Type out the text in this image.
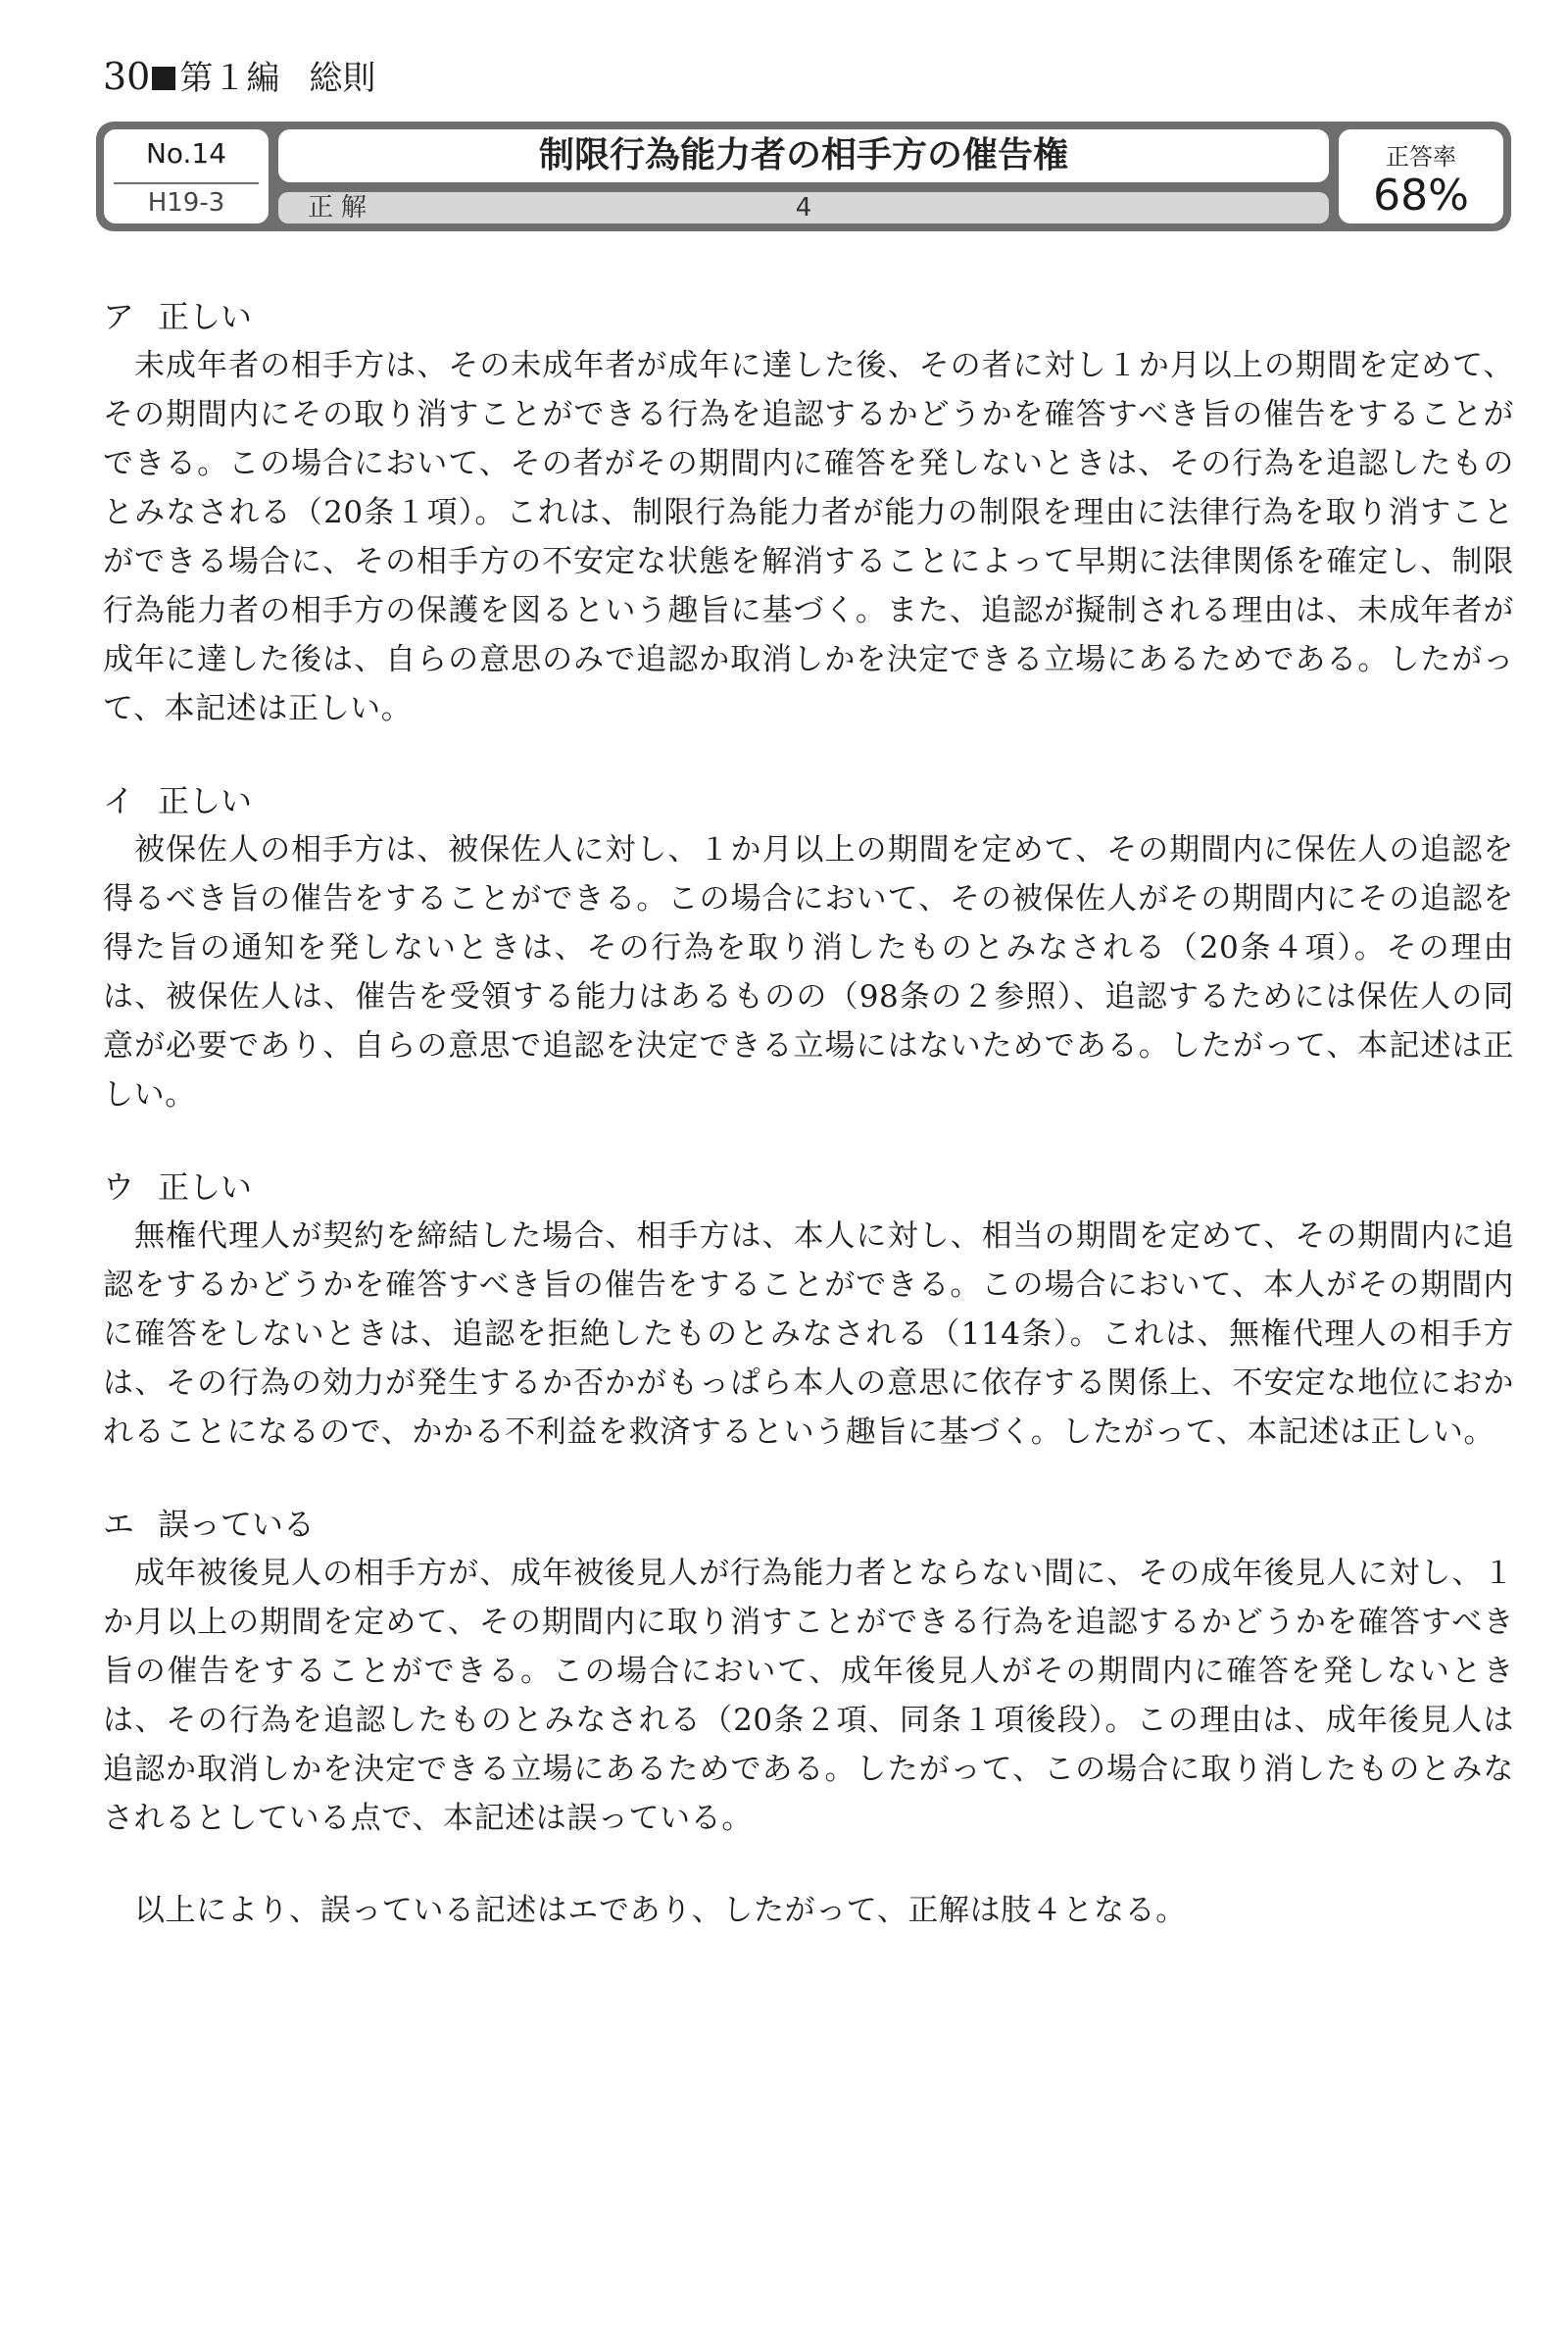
30 第１編 総則
No.14
H19-3
制限行為能力者の相手方の催告権
正解	4
正答率
68%
ア 正しい

未成年者の相手方は、その未成年者が成年に達した後、その者に対し１か月以上の期間を定めて、その期間内にその取り消すことができる行為を追認するかどうかを確答すべき旨の催告をすることができる。この場合において、その者がその期間内に確答を発しないときは、その行為を追認したものとみなされる（20条１項）。これは、制限行為能力者が能力の制限を理由に法律行為を取り消すことができる場合に、その相手方の不安定な状態を解消することによって早期に法律関係を確定し、制限行為能力者の相手方の保護を図るという趣旨に基づく。また、追認が擬制される理由は、未成年者が成年に達した後は、自らの意思のみで追認か取消しかを決定できる立場にあるためである。したがって、本記述は正しい。

イ 正しい

被保佐人の相手方は、被保佐人に対し、１か月以上の期間を定めて、その期間内に保佐人の追認を得るべき旨の催告をすることができる。この場合において、その被保佐人がその期間内にその追認を得た旨の通知を発しないときは、その行為を取り消したものとみなされる（20条４項）。その理由は、被保佐人は、催告を受領する能力はあるものの（98条の２参照）、追認するためには保佐人の同意が必要であり、自らの意思で追認を決定できる立場にはないためである。したがって、本記述は正しい。

ウ 正しい

無権代理人が契約を締結した場合、相手方は、本人に対し、相当の期間を定めて、その期間内に追認をするかどうかを確答すべき旨の催告をすることができる。この場合において、本人がその期間内に確答をしないときは、追認を拒絶したものとみなされる（114条）。これは、無権代理人の相手方は、その行為の効力が発生するか否かがもっぱら本人の意思に依存する関係上、不安定な地位におかれることになるので、かかる不利益を救済するという趣旨に基づく。したがって、本記述は正しい。

エ 誤っている

成年被後見人の相手方が、成年被後見人が行為能力者とならない間に、その成年後見人に対し、１か月以上の期間を定めて、その期間内に取り消すことができる行為を追認するかどうかを確答すべき旨の催告をすることができる。この場合において、成年後見人がその期間内に確答を発しないときは、その行為を追認したものとみなされる（20条２項、同条１項後段）。この理由は、成年後見人は追認か取消しかを決定できる立場にあるためである。したがって、この場合に取り消したものとみなされるとしている点で、本記述は誤っている。

以上により、誤っている記述はエであり、したがって、正解は肢４となる。
